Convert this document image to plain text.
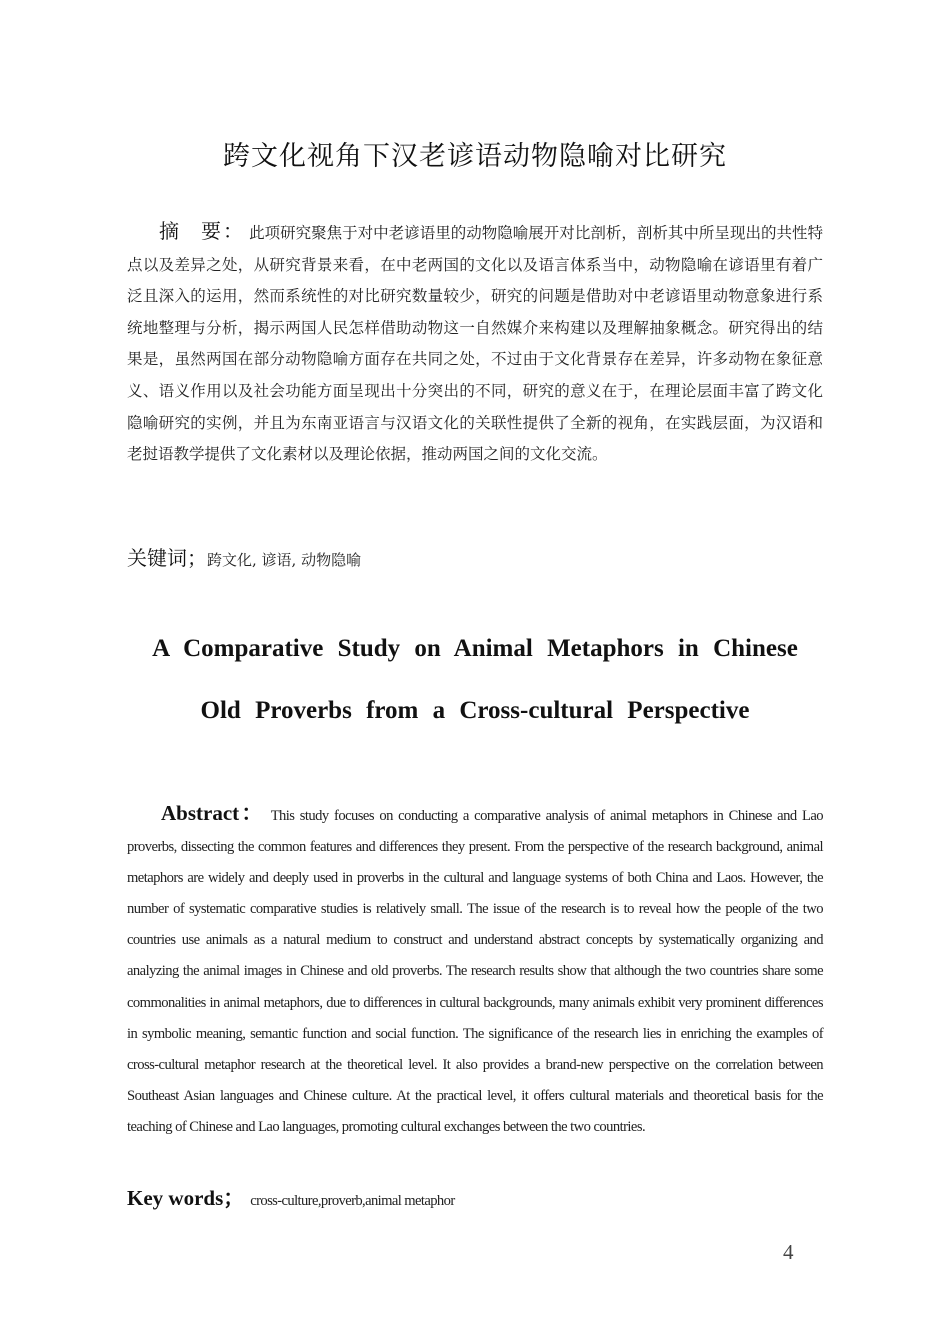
跨文化视角下汉老谚语动物隐喻对比研究
摘 要： 此项研究聚焦于对中老谚语里的动物隐喻展开对比剖析，剖析其中所呈现出的共性特点以及差异之处，从研究背景来看，在中老两国的文化以及语言体系当中，动物隐喻在谚语里有着广泛且深入的运用，然而系统性的对比研究数量较少，研究的问题是借助对中老谚语里动物意象进行系统地整理与分析，揭示两国人民怎样借助动物这一自然媒介来构建以及理解抽象概念。研究得出的结果是，虽然两国在部分动物隐喻方面存在共同之处，不过由于文化背景存在差异，许多动物在象征意义、语义作用以及社会功能方面呈现出十分突出的不同，研究的意义在于，在理论层面丰富了跨文化隐喻研究的实例，并且为东南亚语言与汉语文化的关联性提供了全新的视角，在实践层面，为汉语和老挝语教学提供了文化素材以及理论依据，推动两国之间的文化交流。
关键词；跨文化, 谚语, 动物隐喻
A Comparative Study on Animal Metaphors in Chinese
Old Proverbs from a Cross-cultural Perspective
Abstract： This study focuses on conducting a comparative analysis of animal metaphors in Chinese and Lao proverbs, dissecting the common features and differences they present. From the perspective of the research background, animal metaphors are widely and deeply used in proverbs in the cultural and language systems of both China and Laos. However, the number of systematic comparative studies is relatively small. The issue of the research is to reveal how the people of the two countries use animals as a natural medium to construct and understand abstract concepts by systematically organizing and analyzing the animal images in Chinese and old proverbs. The research results show that although the two countries share some commonalities in animal metaphors, due to differences in cultural backgrounds, many animals exhibit very prominent differences in symbolic meaning, semantic function and social function. The significance of the research lies in enriching the examples of cross-cultural metaphor research at the theoretical level. It also provides a brand-new perspective on the correlation between Southeast Asian languages and Chinese culture. At the practical level, it offers cultural materials and theoretical basis for the teaching of Chinese and Lao languages, promoting cultural exchanges between the two countries.
Key words； cross-culture,proverb,animal metaphor
4
